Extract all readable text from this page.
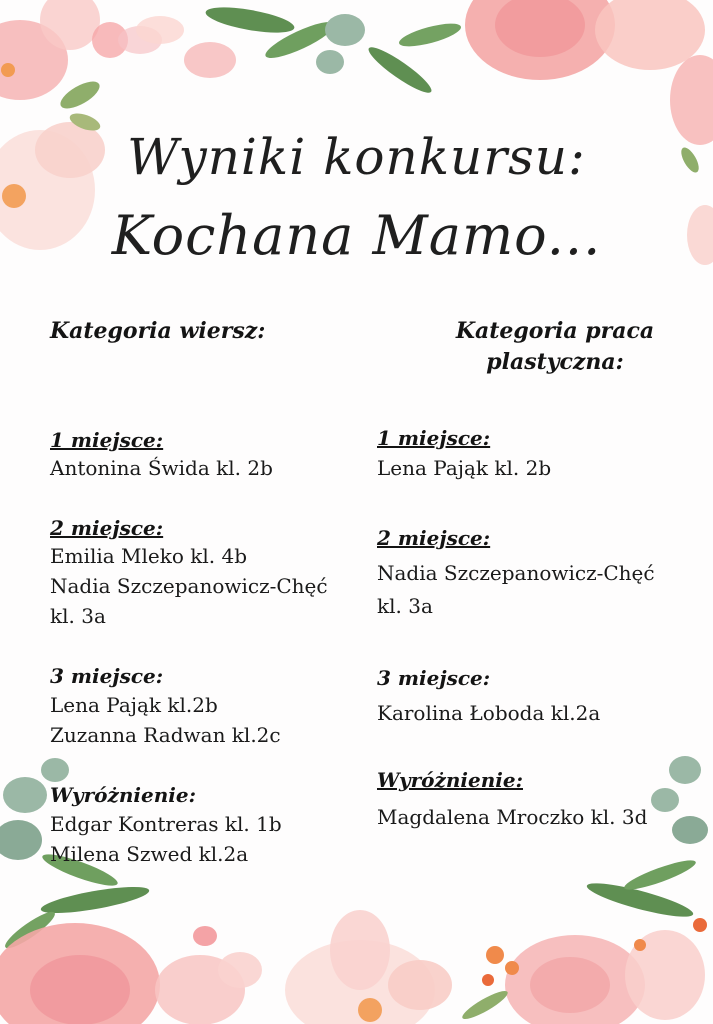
Wyniki konkursu:
Kochana Mamo...
Kategoria wiersz:	Kategoria praca
plastyczna:
1 miejsce:
Antonina Świda kl. 2b
2 miejsce:
Emilia Mleko kl. 4b
Nadia Szczepanowicz-Chęć
kl. 3a
3 miejsce:
Lena Pająk kl.2b
Zuzanna Radwan kl.2c
Wyróżnienie:
Edgar Kontreras kl. 1b
Milena Szwed kl.2a
1 miejsce:
Lena Pająk kl. 2b
2 miejsce:
Nadia Szczepanowicz-Chęć
kl. 3a
3 miejsce:
Karolina Łoboda kl.2a
Wyróżnienie:
Magdalena Mroczko kl. 3d
